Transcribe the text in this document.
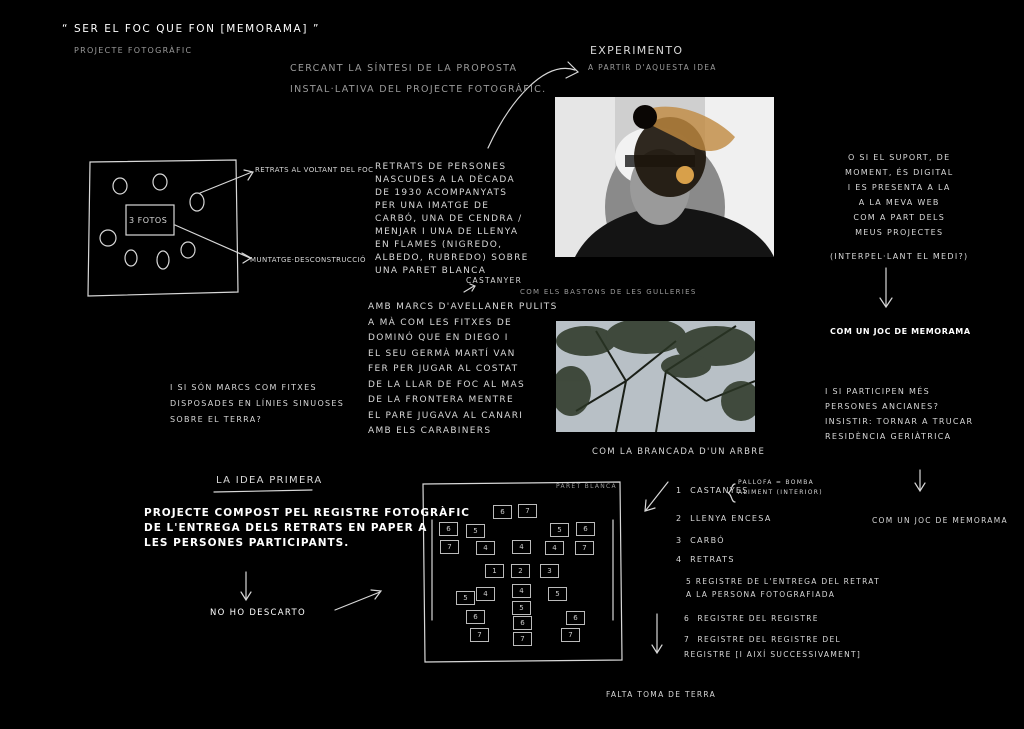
“ SER EL FOC QUE FON [MEMORAMA] ”
PROJECTE FOTOGRÀFIC
CERCANT LA SÍNTESI DE LA PROPOSTA
INSTAL·LATIVA DEL PROJECTE FOTOGRÀFIC.
EXPERIMENTO
A PARTIR D'AQUESTA IDEA
3 FOTOS
RETRATS AL VOLTANT DEL FOC
MUNTATGE·DESCONSTRUCCIÓ
RETRATS DE PERSONES
NASCUDES A LA DÈCADA
DE 1930 ACOMPANYATS
PER UNA IMATGE DE
CARBÓ, UNA DE CENDRA /
MENJAR I UNA DE LLENYA
EN FLAMES (NIGREDO,
ALBEDO, RUBREDO) SOBRE
UNA PARET BLANCA
CASTANYER
COM ELS BASTONS DE LES GULLERIES
AMB MARCS D'AVELLANER PULITS
A MÀ COM LES FITXES DE
DOMINÓ QUE EN DIEGO I
EL SEU GERMÀ MARTÍ VAN
FER PER JUGAR AL COSTAT
DE LA LLAR DE FOC AL MAS
DE LA FRONTERA MENTRE
EL PARE JUGAVA AL CANARI
AMB ELS CARABINERS
I SI SÓN MARCS COM FITXES
DISPOSADES EN LÍNIES SINUOSES
SOBRE EL TERRA?
O SI EL SUPORT, DE
MOMENT, ÉS DIGITAL
I ES PRESENTA A LA
A LA MEVA WEB
COM A PART DELS
MEUS PROJECTES
(INTERPEL·LANT EL MEDI?)
COM UN JOC DE MEMORAMA
I SI PARTICIPEN MÉS
PERSONES ANCIANES?
INSISTIR: TORNAR A TRUCAR
RESIDÈNCIA GERIÀTRICA
COM UN JOC DE MEMORAMA
COM LA BRANCADA D'UN ARBRE
LA IDEA PRIMERA
PROJECTE COMPOST PEL REGISTRE FOTOGRÀFIC
DE L'ENTREGA DELS RETRATS EN PAPER A
LES PERSONES PARTICIPANTS.
NO HO DESCARTO
PARET BLANCA	1 CASTANYES
PALLOFA = BOMBA
ALIMENT (INTERIOR)
2 LLENYA ENCESA
3 CARBÓ
4 RETRATS
5 REGISTRE DE L'ENTREGA DEL RETRAT
A LA PERSONA FOTOGRAFIADA
6 REGISTRE DEL REGISTRE
7 REGISTRE DEL REGISTRE DEL
REGISTRE [I AIXÍ SUCCESSIVAMENT]
FALTA TOMA DE TERRA
6	7
6	5	5	6
7	4	4	4	7
1	2	3
5	4	4	5
5
6
6
6
7	7	7
